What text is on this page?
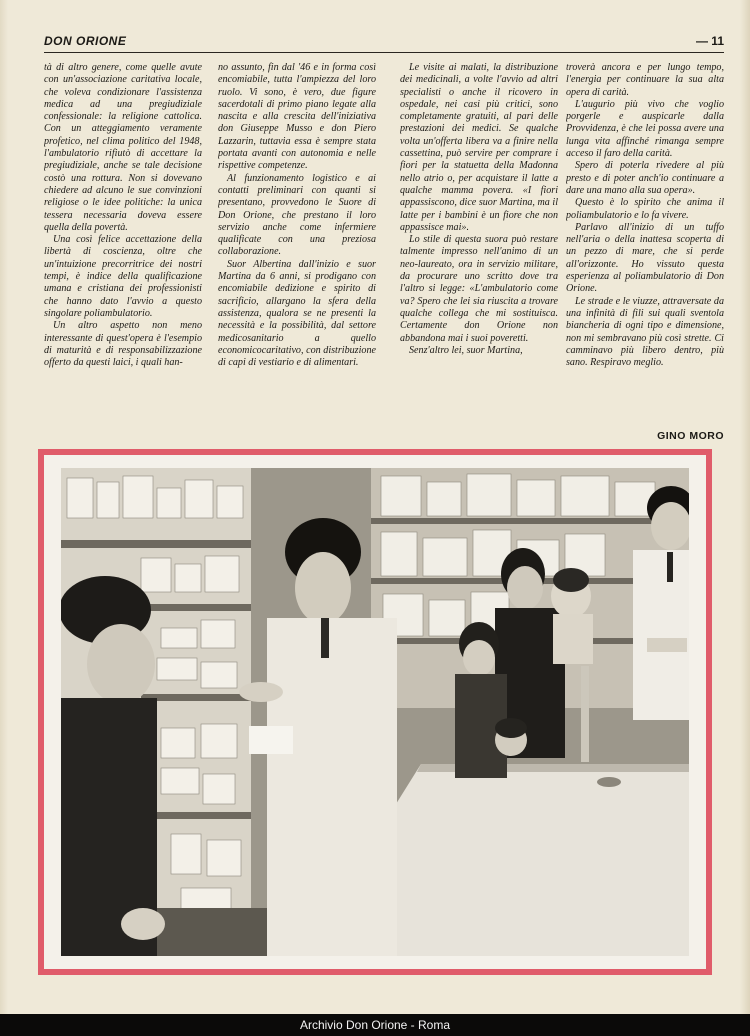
DON ORIONE	— 11

tà di altro genere, come quelle avute con un'associazione caritativa locale, che voleva condizionare l'assistenza medica ad una pregiudiziale confessionale: la religione cattolica. Con un atteggiamento veramente profetico, nel clima politico del 1948, l'ambulatorio rifiutò di accettare la pregiudiziale, anche se tale decisione costò una rottura. Non si dovevano chiedere ad alcuno le sue convinzioni religiose o le idee politiche: la unica tessera necessaria doveva essere quella della povertà.

Una così felice accettazione della libertà di coscienza, oltre che un'intuizione precorritrice dei nostri tempi, è indice della qualificazione umana e cristiana dei professionisti che hanno dato l'avvio a questo singolare poliambulatorio.

Un altro aspetto non meno interessante di quest'opera è l'esempio di maturità e di responsabilizzazione offerto da questi laici, i quali han-

no assunto, fin dal '46 e in forma così encomiabile, tutta l'ampiezza del loro ruolo. Vi sono, è vero, due figure sacerdotali di primo piano legate alla nascita e alla crescita dell'iniziativa don Giuseppe Musso e don Piero Lazzarin, tuttavia essa è sempre stata portata avanti con autonomia e nelle rispettive competenze.

Al funzionamento logistico e ai contatti preliminari con quanti si presentano, provvedono le Suore di Don Orione, che prestano il loro servizio anche come infermiere qualificate con una preziosa collaborazione.

Suor Albertina dall'inizio e suor Martina da 6 anni, si prodigano con encomiabile dedizione e spirito di sacrificio, allargano la sfera della assistenza, qualora se ne presenti la necessità e la possibilità, dal settore medicosanitario a quello economicocaritativo, con distribuzione di capi di vestiario e di alimentari.

Le visite ai malati, la distribuzione dei medicinali, a volte l'avvio ad altri specialisti o anche il ricovero in ospedale, nei casi più critici, sono completamente gratuiti, al pari delle prestazioni dei medici. Se qualche volta un'offerta libera va a finire nella cassettina, può servire per comprare i fiori per la statuetta della Madonna nello atrio o, per acquistare il latte a qualche mamma povera. «I fiori appassiscono, dice suor Martina, ma il latte per i bambini è un fiore che non appassisce mai».

Lo stile di questa suora può restare talmente impresso nell'animo di un neo-laureato, ora in servizio militare, da procurare uno scritto dove tra l'altro si legge: «L'ambulatorio come va? Spero che lei sia riuscita a trovare qualche collega che mi sostituisca. Certamente don Orione non abbandona mai i suoi poveretti.

Senz'altro lei, suor Martina,

troverà ancora e per lungo tempo, l'energia per continuare la sua alta opera di carità.

L'augurio più vivo che voglio porgerle e auspicarle dalla Provvidenza, è che lei possa avere una lunga vita affinché rimanga sempre acceso il faro della carità.

Spero di poterla rivedere al più presto e di poter anch'io continuare a dare una mano alla sua opera».

Questo è lo spirito che anima il poliambulatorio e lo fa vivere.

Parlavo all'inizio di un tuffo nell'aria o della inattesa scoperta di un pezzo di mare, che si perde all'orizzonte. Ho vissuto questa esperienza al poliambulatorio di Don Orione.

Le strade e le viuzze, attraversate da una infinità di fili sui quali sventola biancheria di ogni tipo e dimensione, non mi sembravano più così strette. Ci camminavo più libero dentro, più sano. Respiravo meglio.

GINO MORO
Archivio Don Orione - Roma
